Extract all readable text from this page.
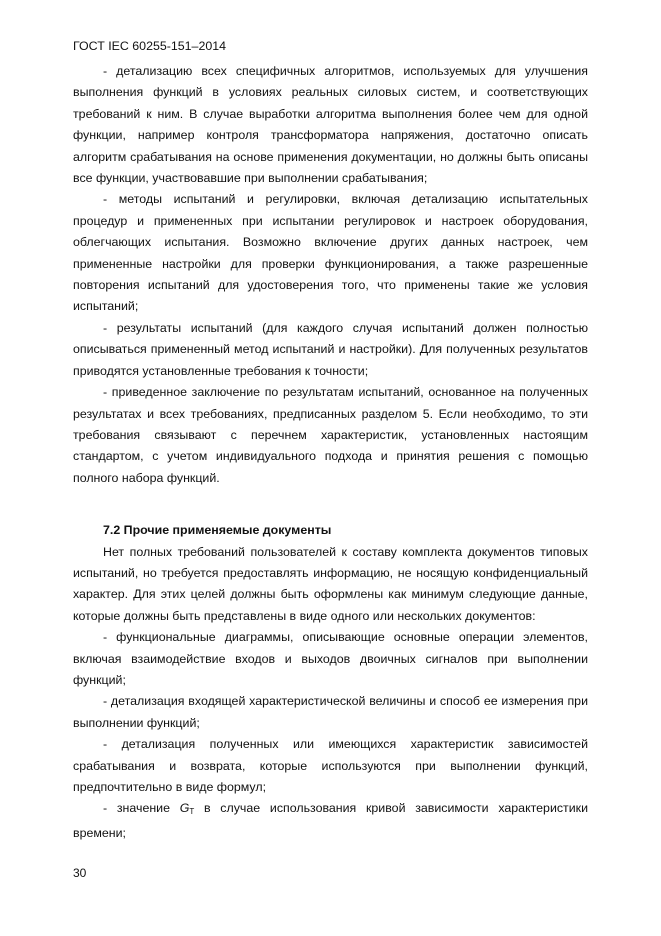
ГОСТ IEC 60255-151–2014

- детализацию всех специфичных алгоритмов, используемых для улучшения выполнения функций в условиях реальных силовых систем, и соответствующих требований к ним. В случае выработки алгоритма выполнения более чем для одной функции, например контроля трансформатора напряжения, достаточно описать алгоритм срабатывания на основе применения документации, но должны быть описаны все функции, участвовавшие при выполнении срабатывания;

- методы испытаний и регулировки, включая детализацию испытательных процедур и примененных при испытании регулировок и настроек оборудования, облегчающих испытания. Возможно включение других данных настроек, чем примененные настройки для проверки функционирования, а также разрешенные повторения испытаний для удостоверения того, что применены такие же условия испытаний;

- результаты испытаний (для каждого случая испытаний должен полностью описываться примененный метод испытаний и настройки). Для полученных результатов приводятся установленные требования к точности;

- приведенное заключение по результатам испытаний, основанное на полученных результатах и всех требованиях, предписанных разделом 5. Если необходимо, то эти требования связывают с перечнем характеристик, установленных настоящим стандартом, с учетом индивидуального подхода и принятия решения с помощью полного набора функций.

7.2 Прочие применяемые документы

Нет полных требований пользователей к составу комплекта документов типовых испытаний, но требуется предоставлять информацию, не носящую конфиденциальный характер. Для этих целей должны быть оформлены как минимум следующие данные, которые должны быть представлены в виде одного или нескольких документов:

- функциональные диаграммы, описывающие основные операции элементов, включая взаимодействие входов и выходов двоичных сигналов при выполнении функций;

- детализация входящей характеристической величины и способ ее измерения при выполнении функций;

- детализация полученных или имеющихся характеристик зависимостей срабатывания и возврата, которые используются при выполнении функций, предпочтительно в виде формул;

- значение $G_T$ в случае использования кривой зависимости характеристики времени;

30
